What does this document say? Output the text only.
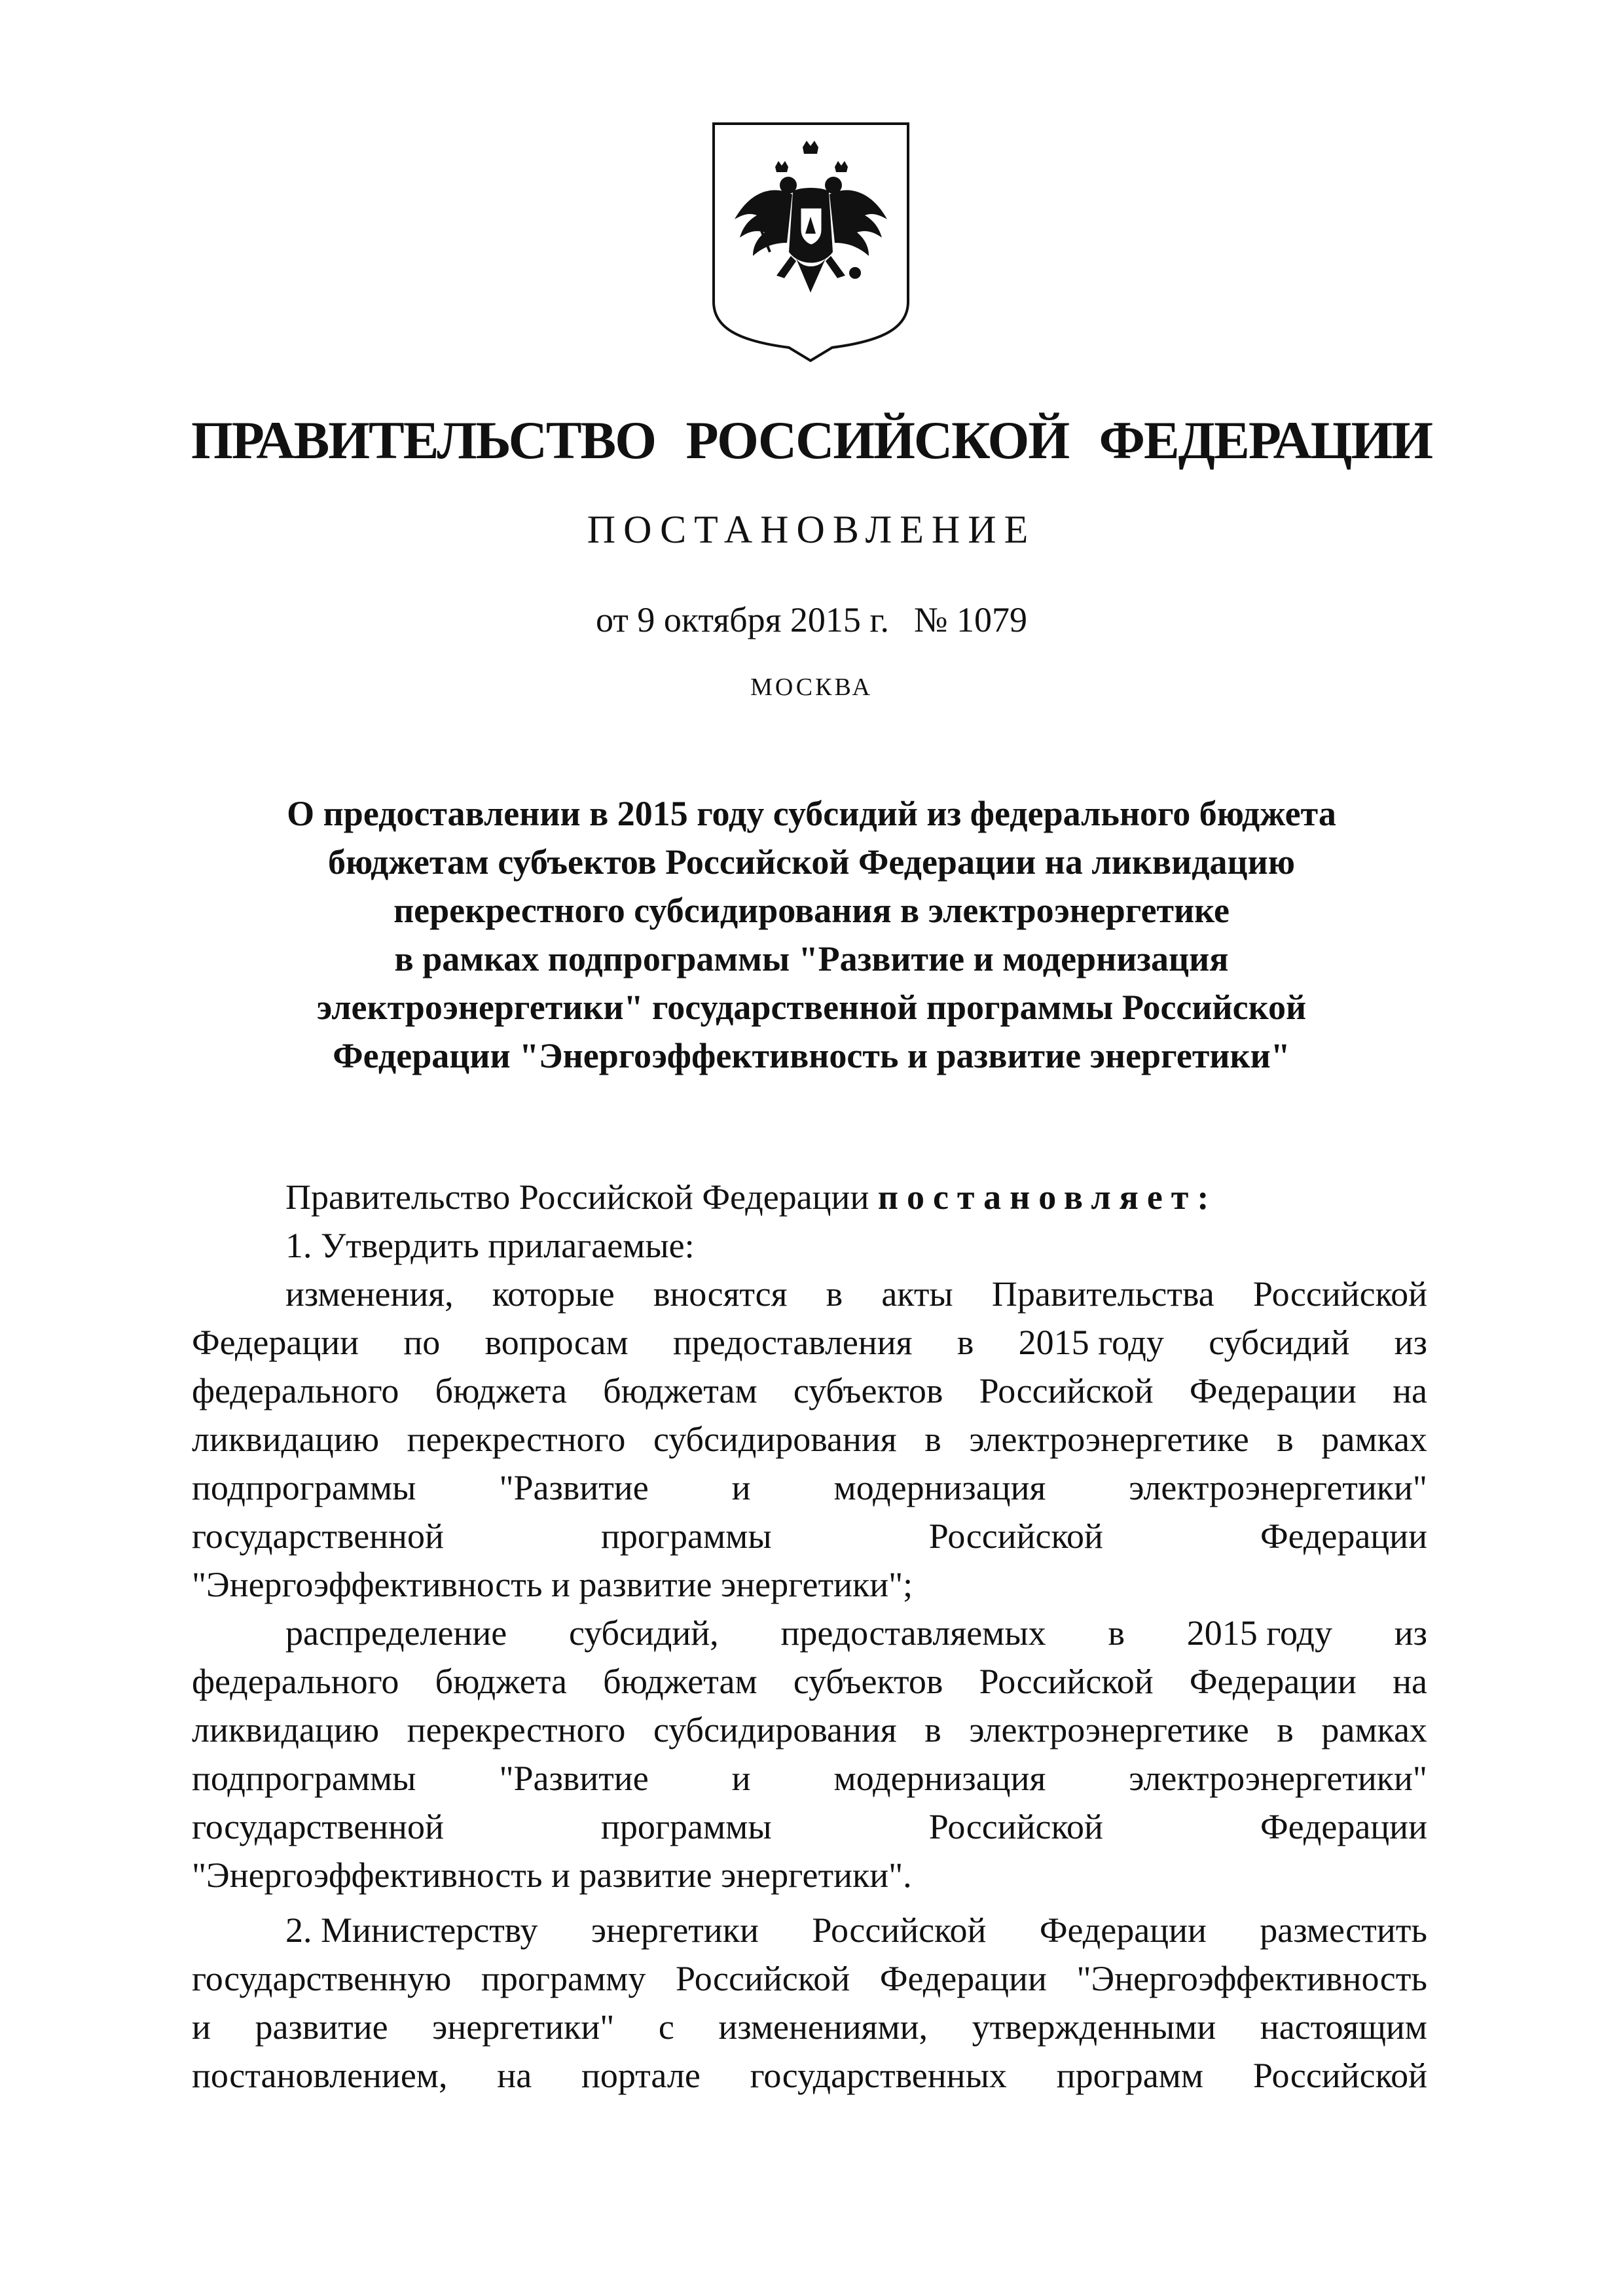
ПРАВИТЕЛЬСТВО РОССИЙСКОЙ ФЕДЕРАЦИИ
ПОСТАНОВЛЕНИЕ
от 9 октября 2015 г. № 1079
МОСКВА
О предоставлении в 2015 году субсидий из федерального бюджета
бюджетам субъектов Российской Федерации на ликвидацию
перекрестного субсидирования в электроэнергетике
в рамках подпрограммы "Развитие и модернизация
электроэнергетики" государственной программы Российской
Федерации "Энергоэффективность и развитие энергетики"
Правительство Российской Федерации постановляет:
1. Утвердить прилагаемые:
изменения, которые вносятся в акты Правительства Российской
Федерации по вопросам предоставления в 2015 году субсидий из
федерального бюджета бюджетам субъектов Российской Федерации на
ликвидацию перекрестного субсидирования в электроэнергетике в рамках
подпрограммы "Развитие и модернизация электроэнергетики"
государственной	программы	Российской	Федерации
"Энергоэффективность и развитие энергетики";
распределение субсидий, предоставляемых в 2015 году из
федерального бюджета бюджетам субъектов Российской Федерации на
ликвидацию перекрестного субсидирования в электроэнергетике в рамках
подпрограммы "Развитие и модернизация электроэнергетики"
государственной	программы	Российской	Федерации
"Энергоэффективность и развитие энергетики".
2. Министерству энергетики Российской Федерации разместить
государственную программу Российской Федерации "Энергоэффективность
и развитие энергетики" с изменениями, утвержденными настоящим
постановлением, на портале государственных программ Российской
